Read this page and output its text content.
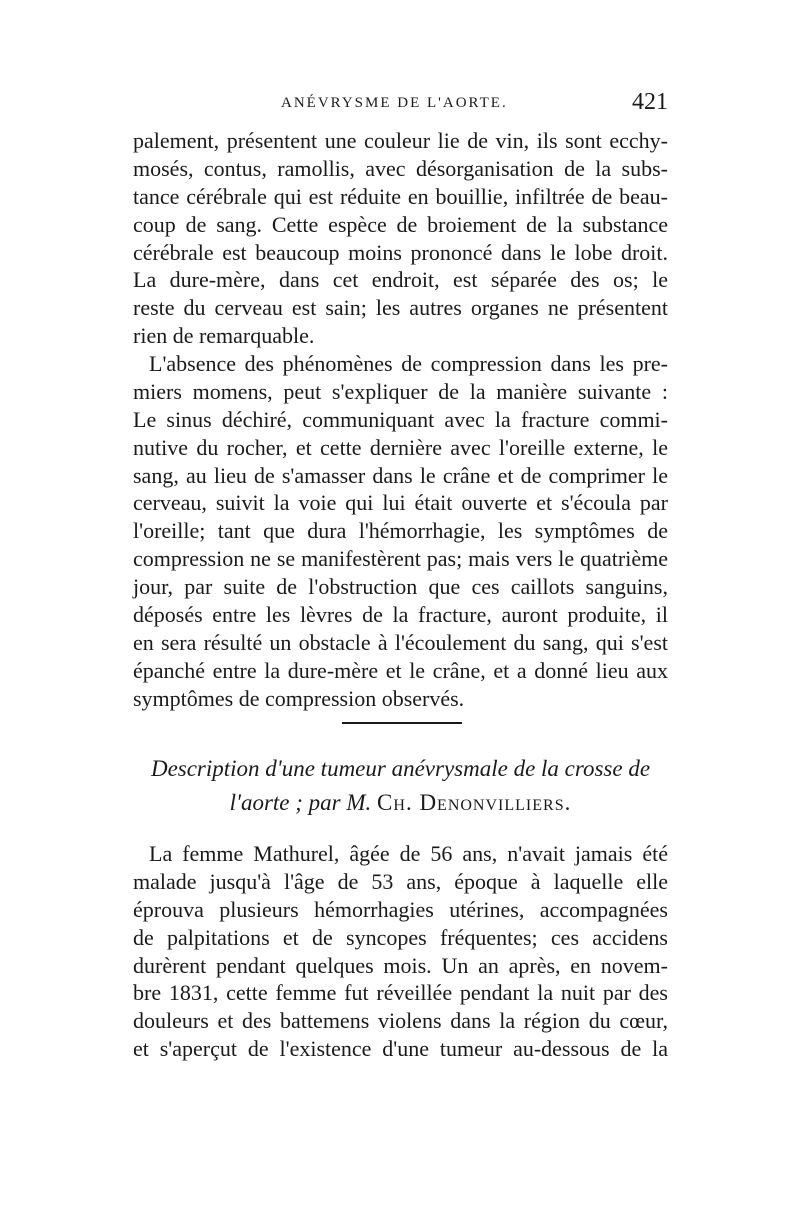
ANÉVRYSME DE L'AORTE.	421
palement, présentent une couleur lie de vin, ils sont ecchy-
mosés, contus, ramollis, avec désorganisation de la subs-
tance cérébrale qui est réduite en bouillie, infiltrée de beau-
coup de sang. Cette espèce de broiement de la substance
cérébrale est beaucoup moins prononcé dans le lobe droit.
La dure-mère, dans cet endroit, est séparée des os; le
reste du cerveau est sain; les autres organes ne présentent
rien de remarquable.
L'absence des phénomènes de compression dans les pre-
miers momens, peut s'expliquer de la manière suivante :
Le sinus déchiré, communiquant avec la fracture commi-
nutive du rocher, et cette dernière avec l'oreille externe, le
sang, au lieu de s'amasser dans le crâne et de comprimer le
cerveau, suivit la voie qui lui était ouverte et s'écoula par
l'oreille; tant que dura l'hémorrhagie, les symptômes de
compression ne se manifestèrent pas; mais vers le quatrième
jour, par suite de l'obstruction que ces caillots sanguins,
déposés entre les lèvres de la fracture, auront produite, il
en sera résulté un obstacle à l'écoulement du sang, qui s'est
épanché entre la dure-mère et le crâne, et a donné lieu aux
symptômes de compression observés.
Description d'une tumeur anévrysmale de la crosse de
l'aorte ; par M. Ch. Denonvilliers.
La femme Mathurel, âgée de 56 ans, n'avait jamais été
malade jusqu'à l'âge de 53 ans, époque à laquelle elle
éprouva plusieurs hémorrhagies utérines, accompagnées
de palpitations et de syncopes fréquentes; ces accidens
durèrent pendant quelques mois. Un an après, en novem-
bre 1831, cette femme fut réveillée pendant la nuit par des
douleurs et des battemens violens dans la région du cœur,
et s'aperçut de l'existence d'une tumeur au-dessous de la
